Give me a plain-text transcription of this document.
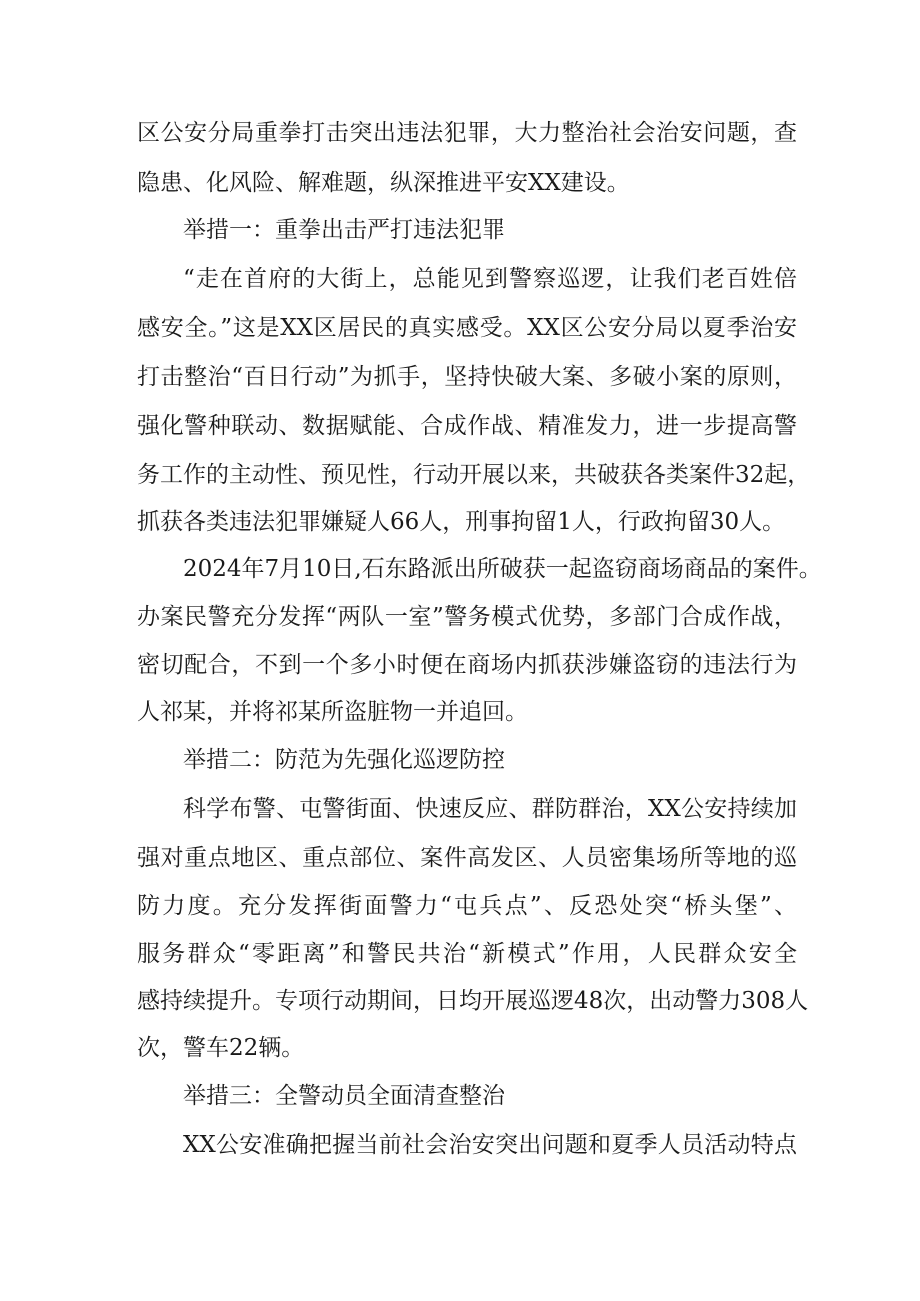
区公安分局重拳打击突出违法犯罪，大力整治社会治安问题，查
隐患、化风险、解难题，纵深推进平安XX建设。
举措一：重拳出击严打违法犯罪
“走在首府的大街上，总能见到警察巡逻，让我们老百姓倍
感安全。”这是XX区居民的真实感受。XX区公安分局以夏季治安
打击整治“百日行动”为抓手，坚持快破大案、多破小案的原则，
强化警种联动、数据赋能、合成作战、精准发力，进一步提高警
务工作的主动性、预见性，行动开展以来，共破获各类案件32起，
抓获各类违法犯罪嫌疑人66人，刑事拘留1人，行政拘留30人。
2024年7月10日,石东路派出所破获一起盗窃商场商品的案件。
办案民警充分发挥“两队一室”警务模式优势，多部门合成作战，
密切配合，不到一个多小时便在商场内抓获涉嫌盗窃的违法行为
人祁某，并将祁某所盗脏物一并追回。
举措二：防范为先强化巡逻防控
科学布警、屯警街面、快速反应、群防群治，XX公安持续加
强对重点地区、重点部位、案件高发区、人员密集场所等地的巡
防力度。充分发挥街面警力“屯兵点”、反恐处突“桥头堡”、
服务群众“零距离”和警民共治“新模式”作用，人民群众安全
感持续提升。专项行动期间，日均开展巡逻48次，出动警力308人
次，警车22辆。
举措三：全警动员全面清查整治
XX公安准确把握当前社会治安突出问题和夏季人员活动特点
